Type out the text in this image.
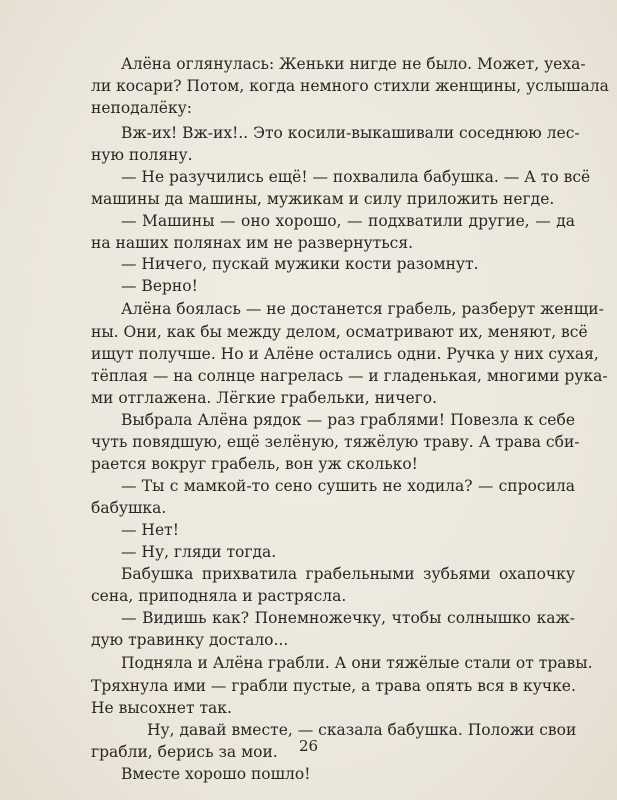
Алёна оглянулась: Женьки нигде не было. Может, уеха-
ли косари? Потом, когда немного стихли женщины, услышала
неподалёку:
Вж-их! Вж-их!.. Это косили-выкашивали соседнюю лес-
ную поляну.
— Не разучились ещё! — похвалила бабушка. — А то всё
машины да машины, мужикам и силу приложить негде.
— Машины — оно хорошо, — подхватили другие, — да
на наших полянах им не развернуться.
— Ничего, пускай мужики кости разомнут.
— Верно!
Алёна боялась — не достанется грабель, разберут женщи-
ны. Они, как бы между делом, осматривают их, меняют, всё
ищут получше. Но и Алёне остались одни. Ручка у них сухая,
тёплая — на солнце нагрелась — и гладенькая, многими рука-
ми отглажена. Лёгкие грабельки, ничего.
Выбрала Алёна рядок — раз граблями! Повезла к себе
чуть повядшую, ещё зелёную, тяжёлую траву. А трава сби-
рается вокруг грабель, вон уж сколько!
— Ты с мамкой-то сено сушить не ходила? — спросила
бабушка.
— Нет!
— Ну, гляди тогда.
Бабушка прихватила грабельными зубьями охапочку
сена, приподняла и растрясла.
— Видишь как? Понемножечку, чтобы солнышко каж-
дую травинку достало...
Подняла и Алёна грабли. А они тяжёлые стали от травы.
Тряхнула ими — грабли пустые, а трава опять вся в кучке.
Не высохнет так.
Ну, давай вместе, — сказала бабушка. Положи свои
грабли, берись за мои.
Вместе хорошо пошло!
26
